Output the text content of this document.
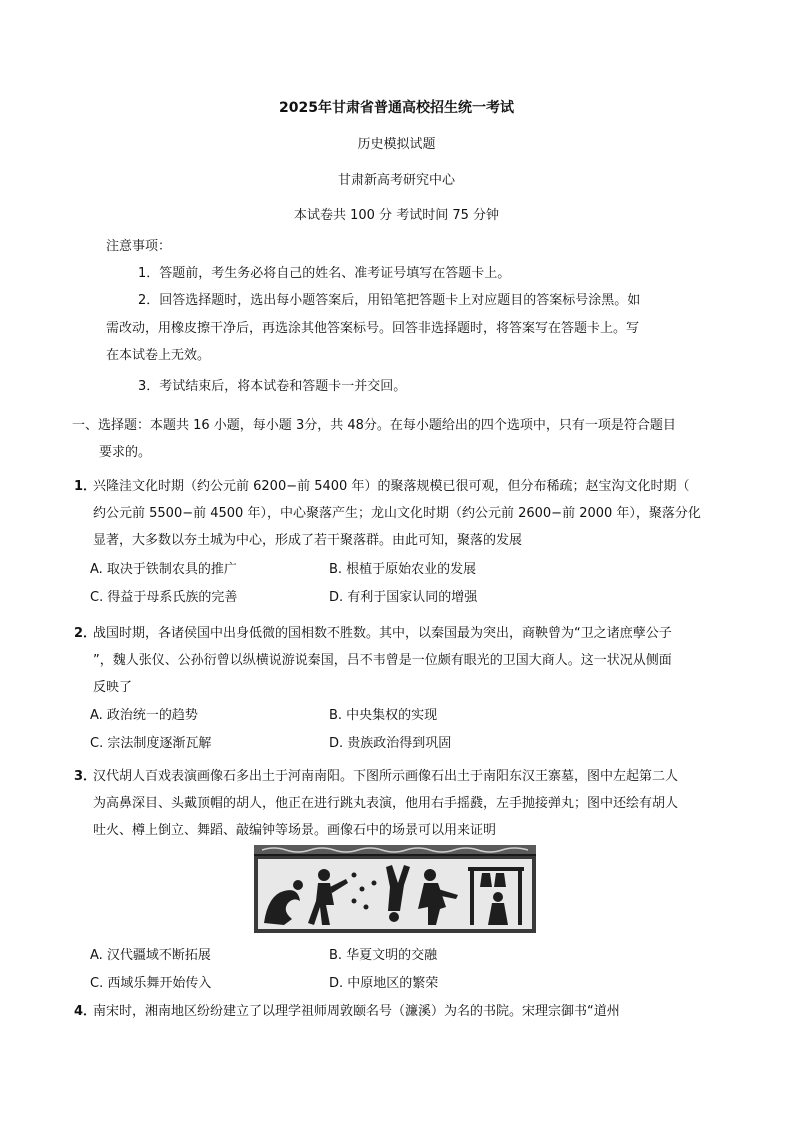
2025年甘肃省普通高校招生统一考试
历史模拟试题
甘肃新高考研究中心
本试卷共 100 分 考试时间 75 分钟
注意事项：
1．答题前，考生务必将自己的姓名、准考证号填写在答题卡上。
2．回答选择题时，选出每小题答案后，用铅笔把答题卡上对应题目的答案标号涂黑。如
需改动，用橡皮擦干净后，再选涂其他答案标号。回答非选择题时，将答案写在答题卡上。写
在本试卷上无效。
3．考试结束后，将本试卷和答题卡一并交回。
一、选择题：本题共 16 小题，每小题 3分，共 48分。在每小题给出的四个选项中，只有一项是符合题目
要求的。
1．
兴隆洼文化时期（约公元前 6200−前 5400 年）的聚落规模已很可观，但分布稀疏；赵宝沟文化时期（
约公元前 5500−前 4500 年），中心聚落产生；龙山文化时期（约公元前 2600−前 2000 年），聚落分化
显著，大多数以夯土城为中心，形成了若干聚落群。由此可知，聚落的发展
A. 取决于铁制农具的推广	B. 根植于原始农业的发展
C. 得益于母系氏族的完善	D. 有利于国家认同的增强
2．
战国时期，各诸侯国中出身低微的国相数不胜数。其中，以秦国最为突出，商鞅曾为“卫之诸庶孽公子
”，魏人张仪、公孙衍曾以纵横说游说秦国，吕不韦曾是一位颇有眼光的卫国大商人。这一状况从侧面
反映了
A. 政治统一的趋势	B. 中央集权的实现
C. 宗法制度逐渐瓦解	D. 贵族政治得到巩固
3．
汉代胡人百戏表演画像石多出土于河南南阳。下图所示画像石出土于南阳东汉王寨墓，图中左起第二人
为高鼻深目、头戴顶帽的胡人，他正在进行跳丸表演，他用右手摇鼗，左手抛接弹丸；图中还绘有胡人
吐火、樽上倒立、舞蹈、敲编钟等场景。画像石中的场景可以用来证明
A. 汉代疆域不断拓展	B. 华夏文明的交融
C. 西域乐舞开始传入	D. 中原地区的繁荣
4．
南宋时，湘南地区纷纷建立了以理学祖师周敦颐名号（濂溪）为名的书院。宋理宗御书“道州
